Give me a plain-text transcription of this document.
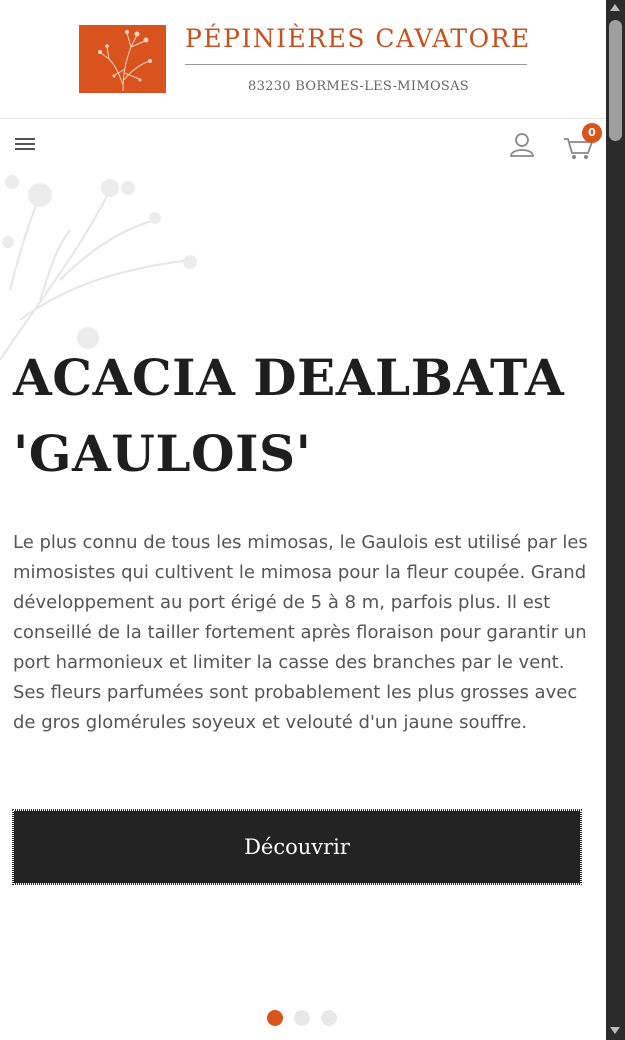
PÉPINIÈRES CAVATORE
83230 BORMES-LES-MIMOSAS
0
ACACIA DEALBATA 'GAULOIS'

Le plus connu de tous les mimosas, le Gaulois est utilisé par les mimosistes qui cultivent le mimosa pour la fleur coupée. Grand développement au port érigé de 5 à 8 m, parfois plus. Il est conseillé de la tailler fortement après floraison pour garantir un port harmonieux et limiter la casse des branches par le vent. Ses fleurs parfumées sont probablement les plus grosses avec de gros glomérules soyeux et velouté d'un jaune souffre.

Découvrir
